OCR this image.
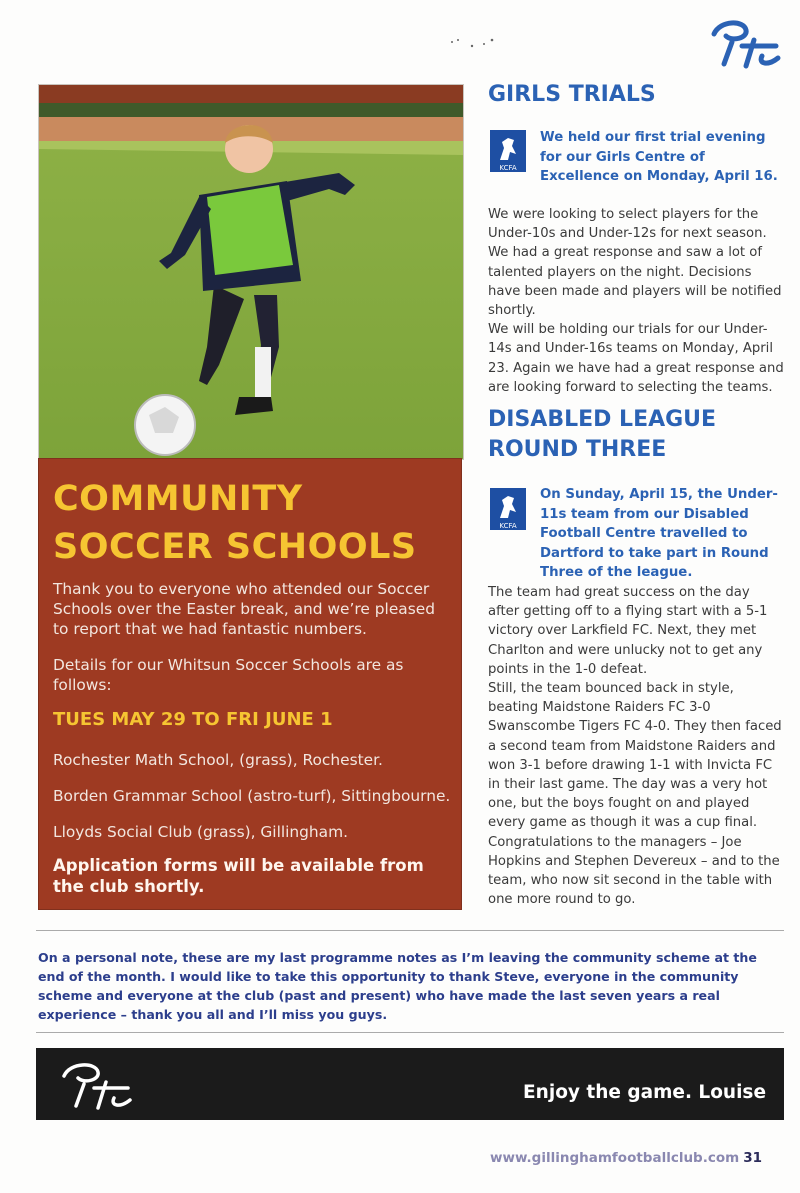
COMMUNITY
SOCCER SCHOOLS
Thank you to everyone who attended our Soccer Schools over the Easter break, and we’re pleased to report that we had fantastic numbers.
Details for our Whitsun Soccer Schools are as follows:
TUES MAY 29 TO FRI JUNE 1
Rochester Math School, (grass), Rochester.
Borden Grammar School (astro-turf), Sittingbourne.
Lloyds Social Club (grass), Gillingham.
Application forms will be available from the club shortly.
GIRLS TRIALS
KCFA
We held our first trial evening for our Girls Centre of Excellence on Monday, April 16.

We were looking to select players for the Under-10s and Under-12s for next season. We had a great response and saw a lot of talented players on the night. Decisions have been made and players will be notified shortly.

We will be holding our trials for our Under-14s and Under-16s teams on Monday, April 23. Again we have had a great response and are looking forward to selecting the teams.

DISABLED LEAGUE
ROUND THREE
KCFA
On Sunday, April 15, the Under-11s team from our Disabled Football Centre travelled to Dartford to take part in Round Three of the league.

The team had great success on the day after getting off to a flying start with a 5-1 victory over Larkfield FC. Next, they met Charlton and were unlucky not to get any points in the 1-0 defeat.

Still, the team bounced back in style, beating Maidstone Raiders FC 3-0 Swanscombe Tigers FC 4-0. They then faced a second team from Maidstone Raiders and won 3-1 before drawing 1-1 with Invicta FC in their last game. The day was a very hot one, but the boys fought on and played every game as though it was a cup final.

Congratulations to the managers – Joe Hopkins and Stephen Devereux – and to the team, who now sit second in the table with one more round to go.

On a personal note, these are my last programme notes as I’m leaving the community scheme at the end of the month. I would like to take this opportunity to thank Steve, everyone in the community scheme and everyone at the club (past and present) who have made the last seven years a real experience – thank you all and I’ll miss you guys.
Enjoy the game. Louise
www.gillinghamfootballclub.com 31
